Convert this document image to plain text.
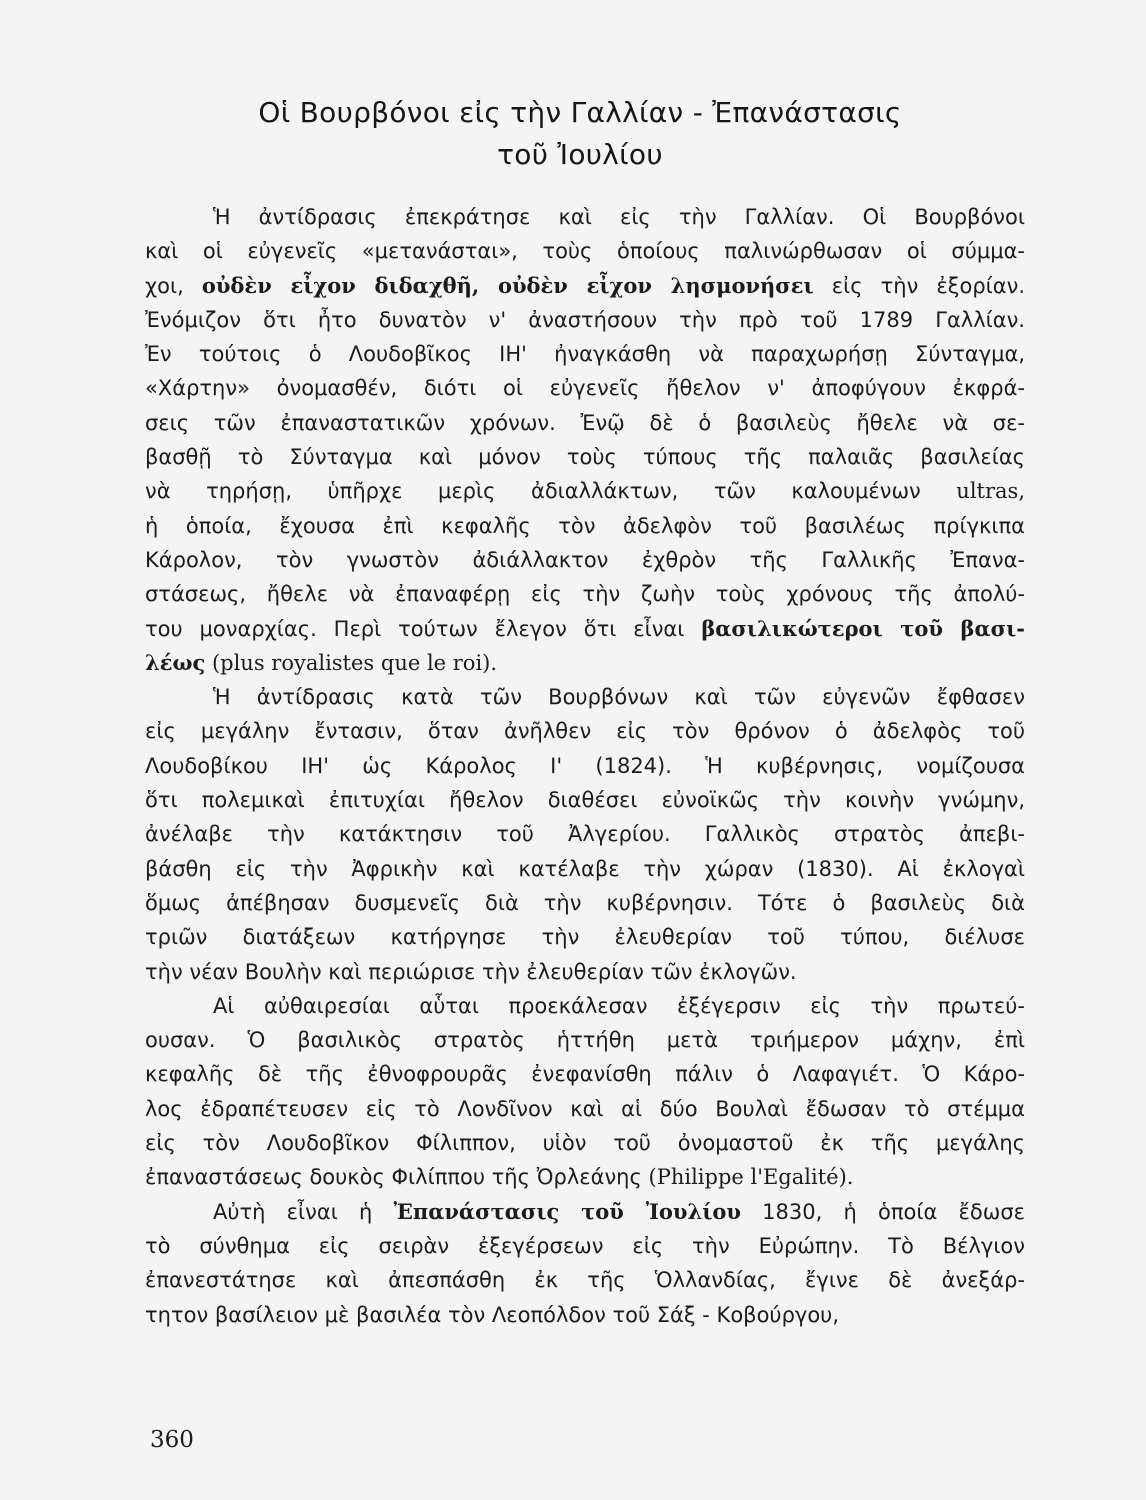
Οἱ Βουρβόνοι εἰς τὴν Γαλλίαν - Ἐπανάστασις
τοῦ Ἰουλίου
Ἡ ἀντίδρασις ἐπεκράτησε καὶ εἰς τὴν Γαλλίαν. Οἱ Βουρβόνοι
καὶ οἱ εὐγενεῖς «μετανάσται», τοὺς ὁποίους παλινώρθωσαν οἱ σύμμα-
χοι, οὐδὲν εἶχον διδαχθῆ, οὐδὲν εἶχον λησμονήσει εἰς τὴν ἐξορίαν.
Ἐνόμιζον ὅτι ἦτο δυνατὸν ν' ἀναστήσουν τὴν πρὸ τοῦ 1789 Γαλλίαν.
Ἐν τούτοις ὁ Λουδοβῖκος ΙΗ' ἠναγκάσθη νὰ παραχωρήσῃ Σύνταγμα,
«Χάρτην» ὀνομασθέν, διότι οἱ εὐγενεῖς ἤθελον ν' ἀποφύγουν ἐκφρά-
σεις τῶν ἐπαναστατικῶν χρόνων. Ἐνῷ δὲ ὁ βασιλεὺς ἤθελε νὰ σε-
βασθῇ τὸ Σύνταγμα καὶ μόνον τοὺς τύπους τῆς παλαιᾶς βασιλείας
νὰ τηρήσῃ, ὑπῆρχε μερὶς ἀδιαλλάκτων, τῶν καλουμένων ultras,
ἡ ὁποία, ἔχουσα ἐπὶ κεφαλῆς τὸν ἀδελφὸν τοῦ βασιλέως πρίγκιπα
Κάρολον, τὸν γνωστὸν ἀδιάλλακτον ἐχθρὸν τῆς Γαλλικῆς Ἐπανα-
στάσεως, ἤθελε νὰ ἐπαναφέρῃ εἰς τὴν ζωὴν τοὺς χρόνους τῆς ἀπολύ-
του μοναρχίας. Περὶ τούτων ἔλεγον ὅτι εἶναι βασιλικώτεροι τοῦ βασι-
λέως (plus royalistes que le roi).
Ἡ ἀντίδρασις κατὰ τῶν Βουρβόνων καὶ τῶν εὐγενῶν ἔφθασεν
εἰς μεγάλην ἔντασιν, ὅταν ἀνῆλθεν εἰς τὸν θρόνον ὁ ἀδελφὸς τοῦ
Λουδοβίκου ΙΗ' ὡς Κάρολος Ι' (1824). Ἡ κυβέρνησις, νομίζουσα
ὅτι πολεμικαὶ ἐπιτυχίαι ἤθελον διαθέσει εὐνοϊκῶς τὴν κοινὴν γνώμην,
ἀνέλαβε τὴν κατάκτησιν τοῦ Ἀλγερίου. Γαλλικὸς στρατὸς ἀπεβι-
βάσθη εἰς τὴν Ἀφρικὴν καὶ κατέλαβε τὴν χώραν (1830). Αἱ ἐκλογαὶ
ὅμως ἀπέβησαν δυσμενεῖς διὰ τὴν κυβέρνησιν. Τότε ὁ βασιλεὺς διὰ
τριῶν διατάξεων κατήργησε τὴν ἐλευθερίαν τοῦ τύπου, διέλυσε
τὴν νέαν Βουλὴν καὶ περιώρισε τὴν ἐλευθερίαν τῶν ἐκλογῶν.
Αἱ αὐθαιρεσίαι αὗται προεκάλεσαν ἐξέγερσιν εἰς τὴν πρωτεύ-
ουσαν. Ὁ βασιλικὸς στρατὸς ἡττήθη μετὰ τριήμερον μάχην, ἐπὶ
κεφαλῆς δὲ τῆς ἐθνοφρουρᾶς ἐνεφανίσθη πάλιν ὁ Λαφαγιέτ. Ὁ Κάρο-
λος ἐδραπέτευσεν εἰς τὸ Λονδῖνον καὶ αἱ δύο Βουλαὶ ἔδωσαν τὸ στέμμα
εἰς τὸν Λουδοβῖκον Φίλιππον, υἱὸν τοῦ ὀνομαστοῦ ἐκ τῆς μεγάλης
ἐπαναστάσεως δουκὸς Φιλίππου τῆς Ὀρλεάνης (Philippe l'Egalité).
Αὐτὴ εἶναι ἡ Ἐπανάστασις τοῦ Ἰουλίου 1830, ἡ ὁποία ἔδωσε
τὸ σύνθημα εἰς σειρὰν ἐξεγέρσεων εἰς τὴν Εὐρώπην. Τὸ Βέλγιον
ἐπανεστάτησε καὶ ἀπεσπάσθη ἐκ τῆς Ὁλλανδίας, ἔγινε δὲ ἀνεξάρ-
τητον βασίλειον μὲ βασιλέα τὸν Λεοπόλδον τοῦ Σάξ - Κοβούργου,
360
